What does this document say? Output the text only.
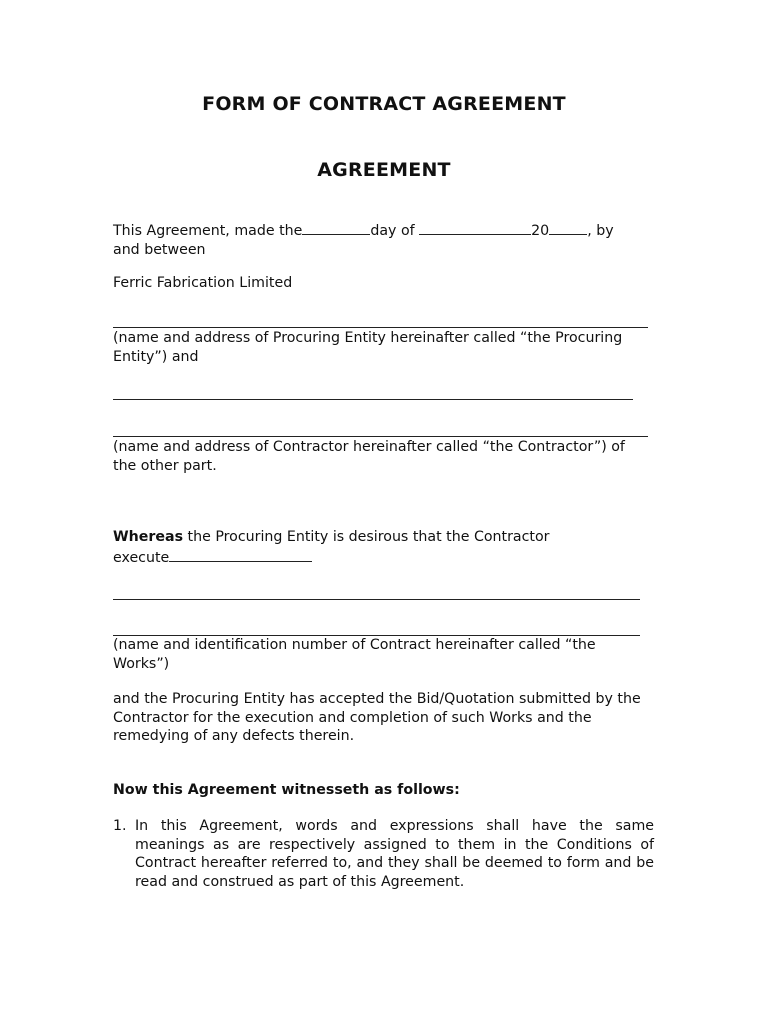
FORM OF CONTRACT AGREEMENT
AGREEMENT
This Agreement, made the	day of	20	, by
and between
Ferric Fabrication Limited
(name and address of Procuring Entity hereinafter called “the Procuring Entity”) and
(name and address of Contractor hereinafter called “the Contractor”) of the other part.
Whereas the Procuring Entity is desirous that the Contractor
execute
(name and identification number of Contract hereinafter called “the Works”)
and the Procuring Entity has accepted the Bid/Quotation submitted by the Contractor for the execution and completion of such Works and the remedying of any defects therein.
Now this Agreement witnesseth as follows:
1. In this Agreement, words and expressions shall have the same meanings as are respectively assigned to them in the Conditions of Contract hereafter referred to, and they shall be deemed to form and be read and construed as part of this Agreement.
